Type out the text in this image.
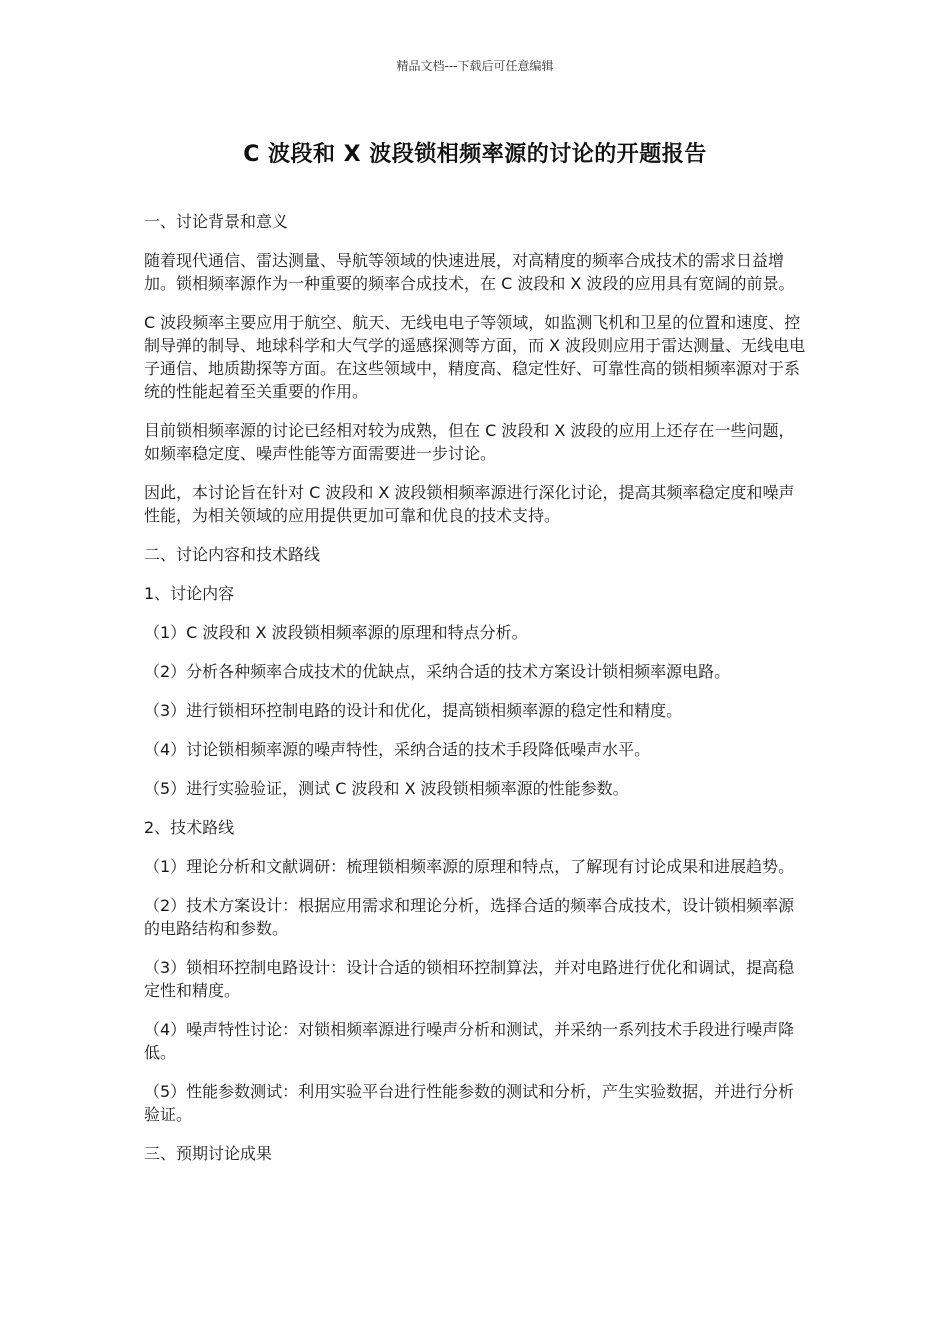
精品文档---下载后可任意编辑
C 波段和 X 波段锁相频率源的讨论的开题报告

一、讨论背景和意义

随着现代通信、雷达测量、导航等领域的快速进展，对高精度的频率合成技术的需求日益增加。锁相频率源作为一种重要的频率合成技术，在 C 波段和 X 波段的应用具有宽阔的前景。

C 波段频率主要应用于航空、航天、无线电电子等领域，如监测飞机和卫星的位置和速度、控制导弹的制导、地球科学和大气学的遥感探测等方面，而 X 波段则应用于雷达测量、无线电电子通信、地质勘探等方面。在这些领域中，精度高、稳定性好、可靠性高的锁相频率源对于系统的性能起着至关重要的作用。

目前锁相频率源的讨论已经相对较为成熟，但在 C 波段和 X 波段的应用上还存在一些问题，如频率稳定度、噪声性能等方面需要进一步讨论。

因此，本讨论旨在针对 C 波段和 X 波段锁相频率源进行深化讨论，提高其频率稳定度和噪声性能，为相关领域的应用提供更加可靠和优良的技术支持。

二、讨论内容和技术路线

1、讨论内容

（1）C 波段和 X 波段锁相频率源的原理和特点分析。

（2）分析各种频率合成技术的优缺点，采纳合适的技术方案设计锁相频率源电路。

（3）进行锁相环控制电路的设计和优化，提高锁相频率源的稳定性和精度。

（4）讨论锁相频率源的噪声特性，采纳合适的技术手段降低噪声水平。

（5）进行实验验证，测试 C 波段和 X 波段锁相频率源的性能参数。

2、技术路线

（1）理论分析和文献调研：梳理锁相频率源的原理和特点，了解现有讨论成果和进展趋势。

（2）技术方案设计：根据应用需求和理论分析，选择合适的频率合成技术，设计锁相频率源的电路结构和参数。

（3）锁相环控制电路设计：设计合适的锁相环控制算法，并对电路进行优化和调试，提高稳定性和精度。

（4）噪声特性讨论：对锁相频率源进行噪声分析和测试，并采纳一系列技术手段进行噪声降低。

（5）性能参数测试：利用实验平台进行性能参数的测试和分析，产生实验数据，并进行分析验证。

三、预期讨论成果
